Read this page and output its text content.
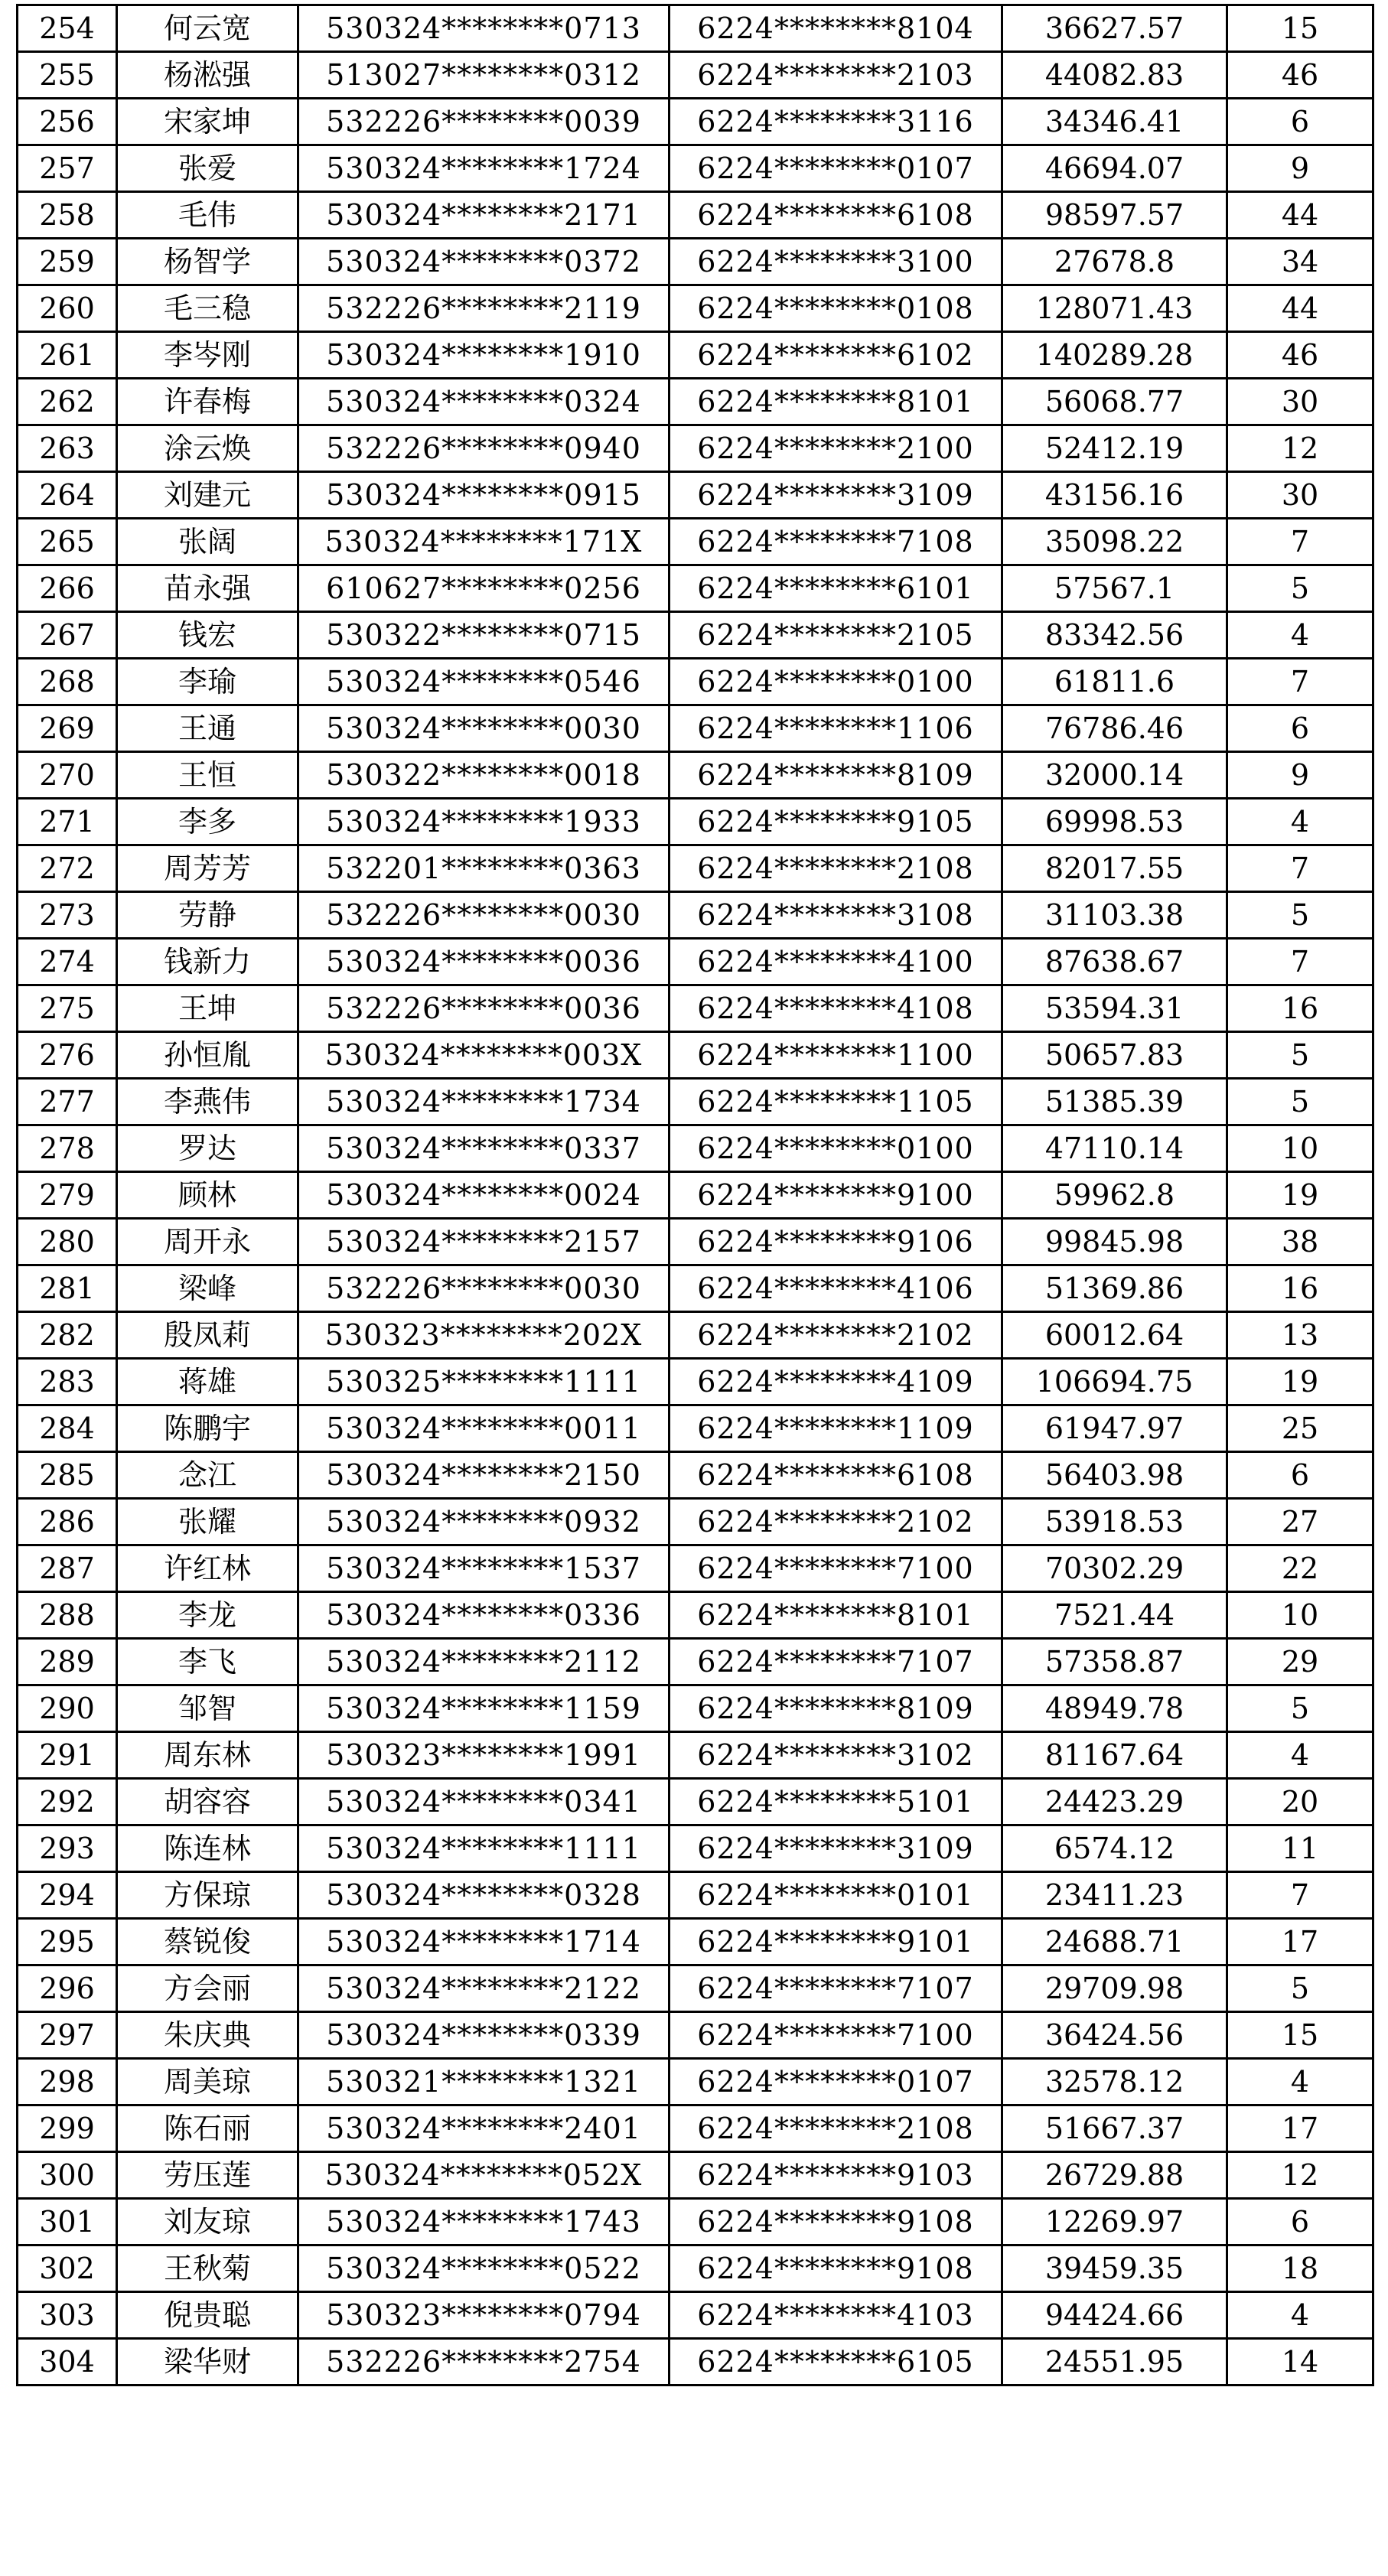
254	何云宽	530324********0713	6224********8104	36627.57	15
255	杨淞强	513027********0312	6224********2103	44082.83	46
256	宋家坤	532226********0039	6224********3116	34346.41	6
257	张爱	530324********1724	6224********0107	46694.07	9
258	毛伟	530324********2171	6224********6108	98597.57	44
259	杨智学	530324********0372	6224********3100	27678.8	34
260	毛三稳	532226********2119	6224********0108	128071.43	44
261	李岑刚	530324********1910	6224********6102	140289.28	46
262	许春梅	530324********0324	6224********8101	56068.77	30
263	涂云焕	532226********0940	6224********2100	52412.19	12
264	刘建元	530324********0915	6224********3109	43156.16	30
265	张阔	530324********171X	6224********7108	35098.22	7
266	苗永强	610627********0256	6224********6101	57567.1	5
267	钱宏	530322********0715	6224********2105	83342.56	4
268	李瑜	530324********0546	6224********0100	61811.6	7
269	王通	530324********0030	6224********1106	76786.46	6
270	王恒	530322********0018	6224********8109	32000.14	9
271	李多	530324********1933	6224********9105	69998.53	4
272	周芳芳	532201********0363	6224********2108	82017.55	7
273	劳静	532226********0030	6224********3108	31103.38	5
274	钱新力	530324********0036	6224********4100	87638.67	7
275	王坤	532226********0036	6224********4108	53594.31	16
276	孙恒胤	530324********003X	6224********1100	50657.83	5
277	李燕伟	530324********1734	6224********1105	51385.39	5
278	罗达	530324********0337	6224********0100	47110.14	10
279	顾林	530324********0024	6224********9100	59962.8	19
280	周开永	530324********2157	6224********9106	99845.98	38
281	梁峰	532226********0030	6224********4106	51369.86	16
282	殷凤莉	530323********202X	6224********2102	60012.64	13
283	蒋雄	530325********1111	6224********4109	106694.75	19
284	陈鹏宇	530324********0011	6224********1109	61947.97	25
285	念江	530324********2150	6224********6108	56403.98	6
286	张耀	530324********0932	6224********2102	53918.53	27
287	许红林	530324********1537	6224********7100	70302.29	22
288	李龙	530324********0336	6224********8101	7521.44	10
289	李飞	530324********2112	6224********7107	57358.87	29
290	邹智	530324********1159	6224********8109	48949.78	5
291	周东林	530323********1991	6224********3102	81167.64	4
292	胡容容	530324********0341	6224********5101	24423.29	20
293	陈连林	530324********1111	6224********3109	6574.12	11
294	方保琼	530324********0328	6224********0101	23411.23	7
295	蔡锐俊	530324********1714	6224********9101	24688.71	17
296	方会丽	530324********2122	6224********7107	29709.98	5
297	朱庆典	530324********0339	6224********7100	36424.56	15
298	周美琼	530321********1321	6224********0107	32578.12	4
299	陈石丽	530324********2401	6224********2108	51667.37	17
300	劳压莲	530324********052X	6224********9103	26729.88	12
301	刘友琼	530324********1743	6224********9108	12269.97	6
302	王秋菊	530324********0522	6224********9108	39459.35	18
303	倪贵聪	530323********0794	6224********4103	94424.66	4
304	梁华财	532226********2754	6224********6105	24551.95	14
